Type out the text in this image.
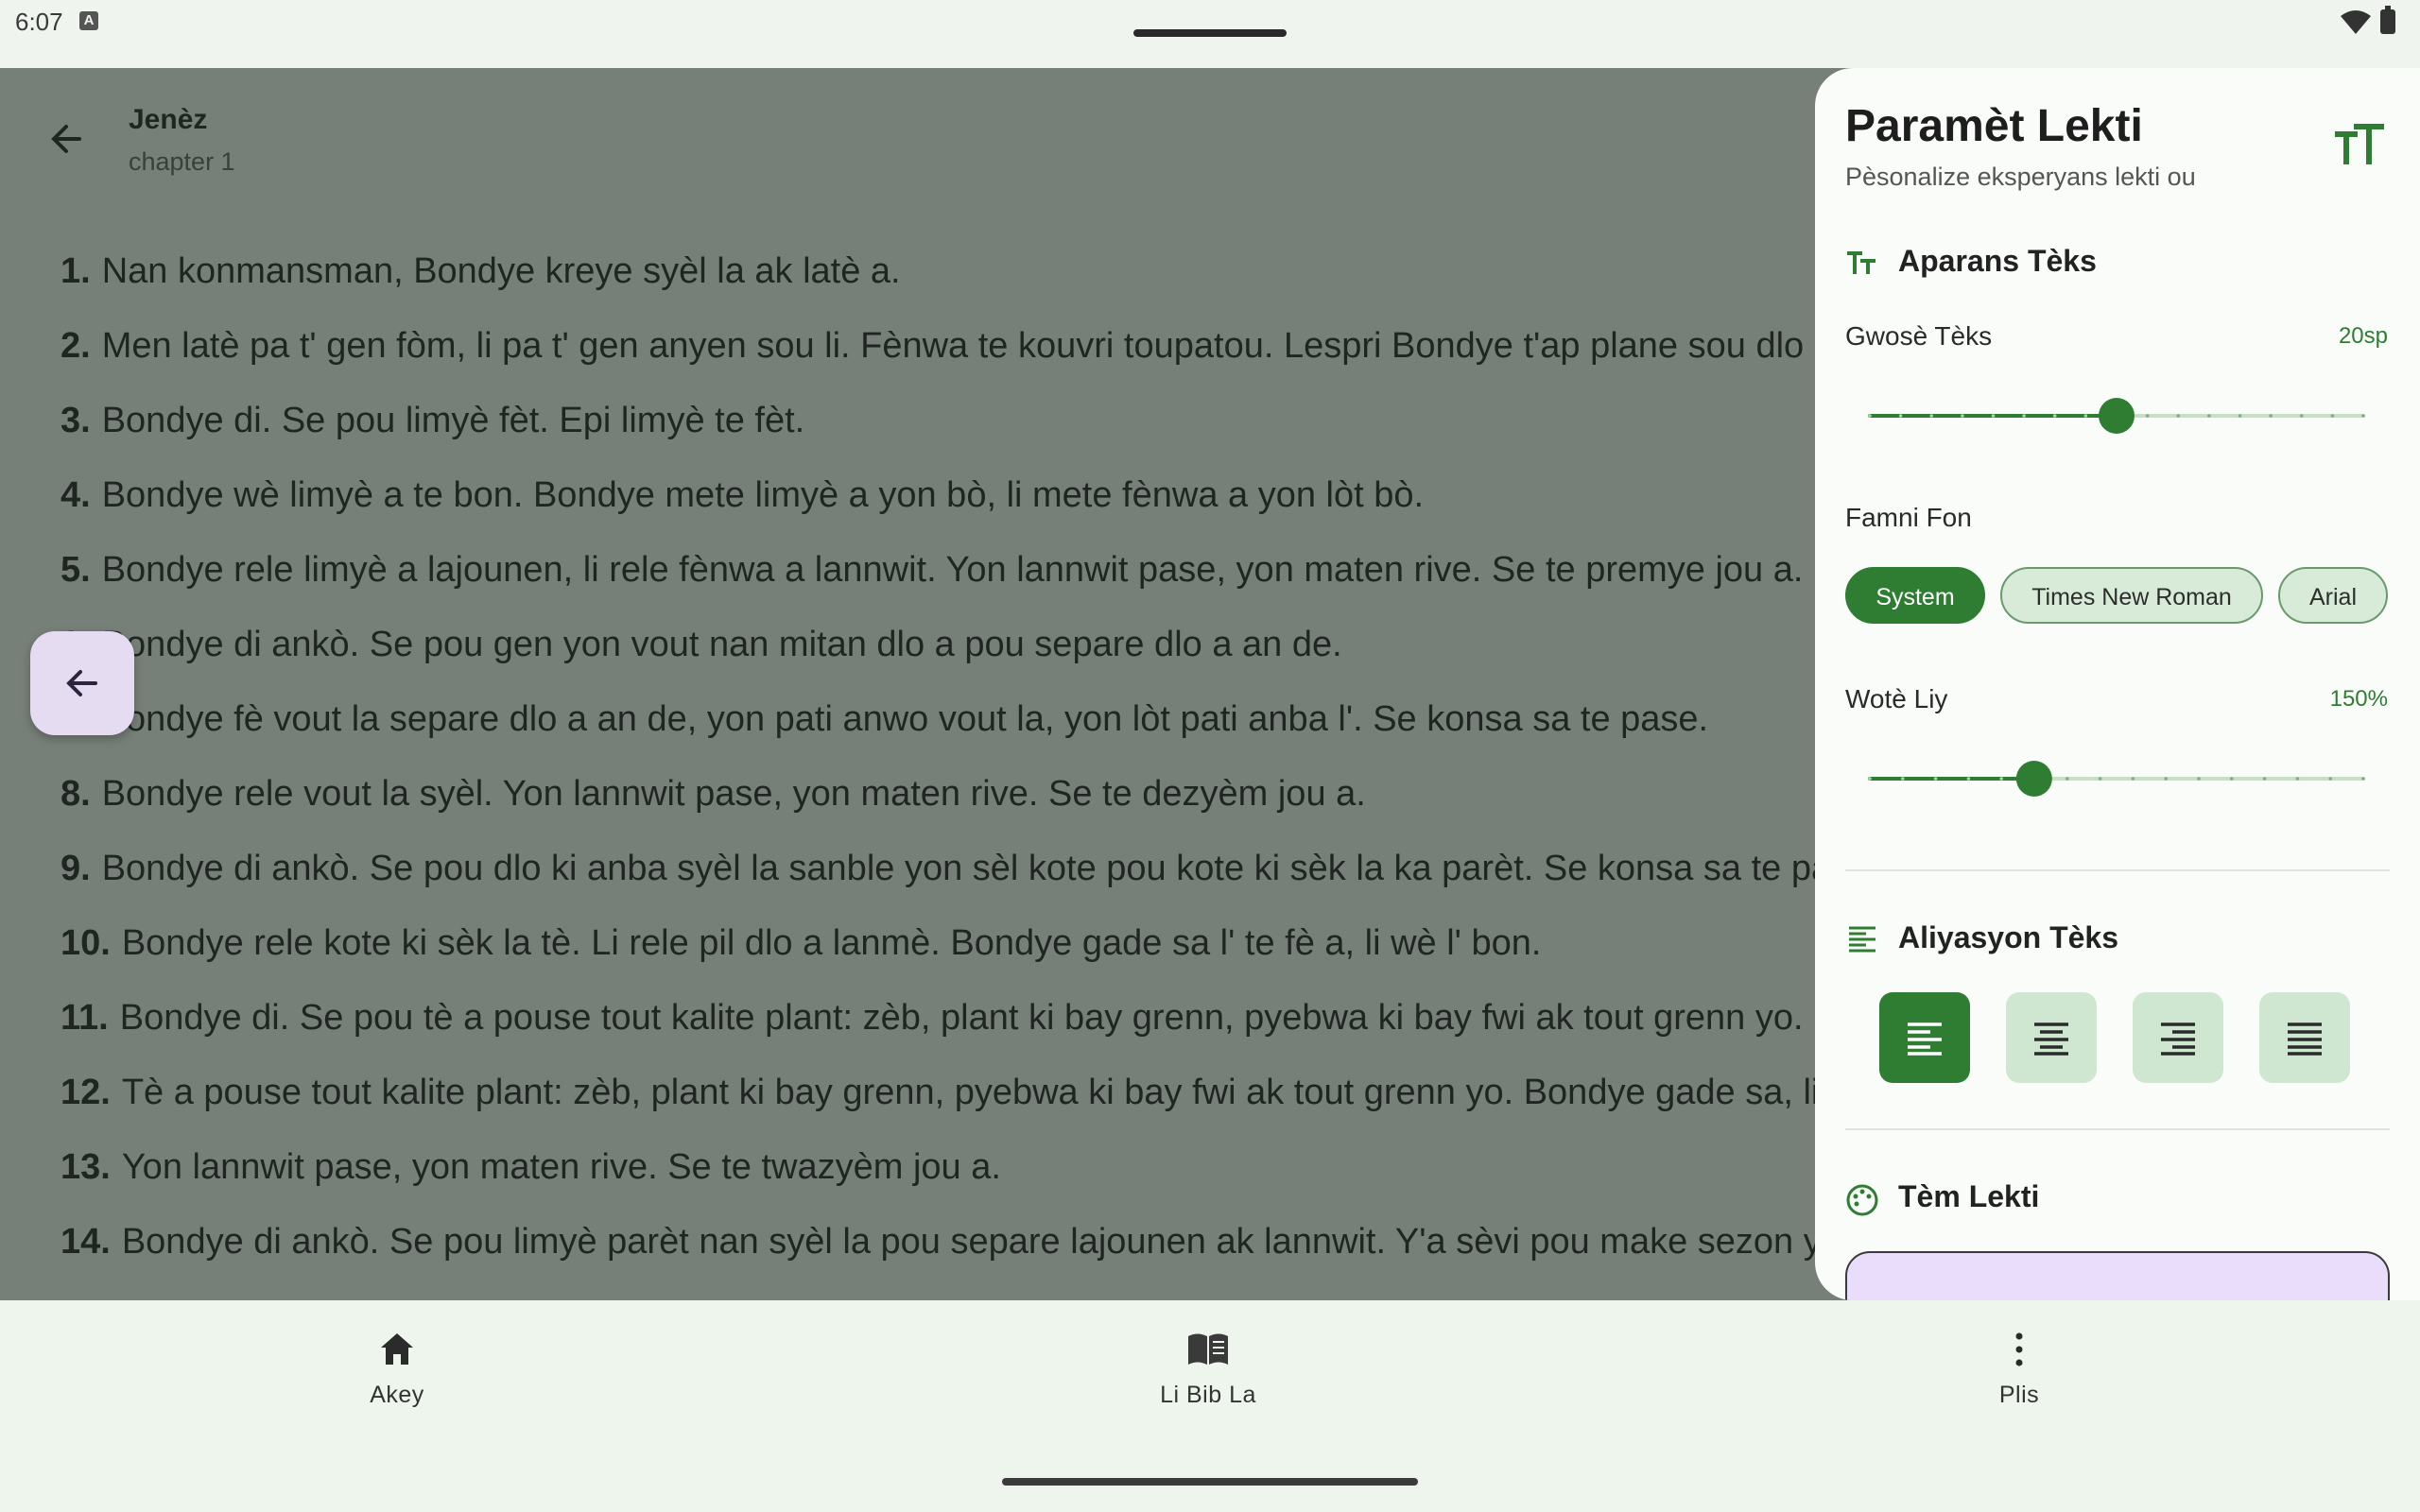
6:07	A
Paramèt Lekti
Pèsonalize eksperyans lekti ou
Aparans Tèks
Gwosè Tèks	20sp
Famni Fon
System	Times New Roman	Arial
Wotè Liy	150%
Aliyasyon Tèks
Tèm Lekti
Akey	Li Bib La	Plis
